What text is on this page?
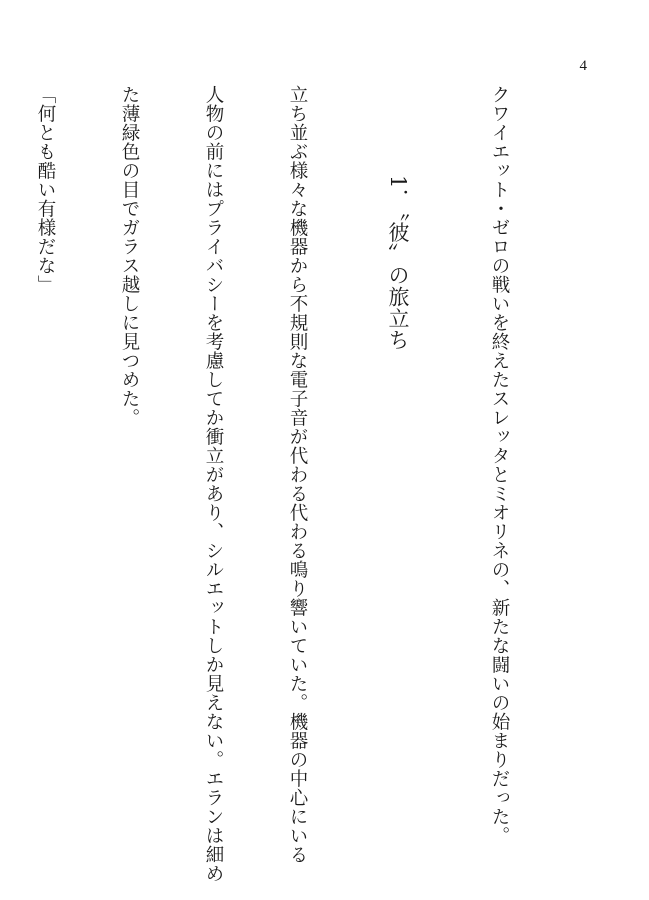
4

クワイエット・ゼロの戦いを終えたスレッタとミオリネの、新たな闘いの始まりだった。

1．〝彼〟の旅立ち

立ち並ぶ様々な機器から不規則な電子音が代わる代わる鳴り響いていた。機器の中心にいる

人物の前にはプライバシーを考慮してか衝立があり、シルエットしか見えない。エランは細め

た薄緑色の目でガラス越しに見つめた。

「何とも酷い有様だな」
